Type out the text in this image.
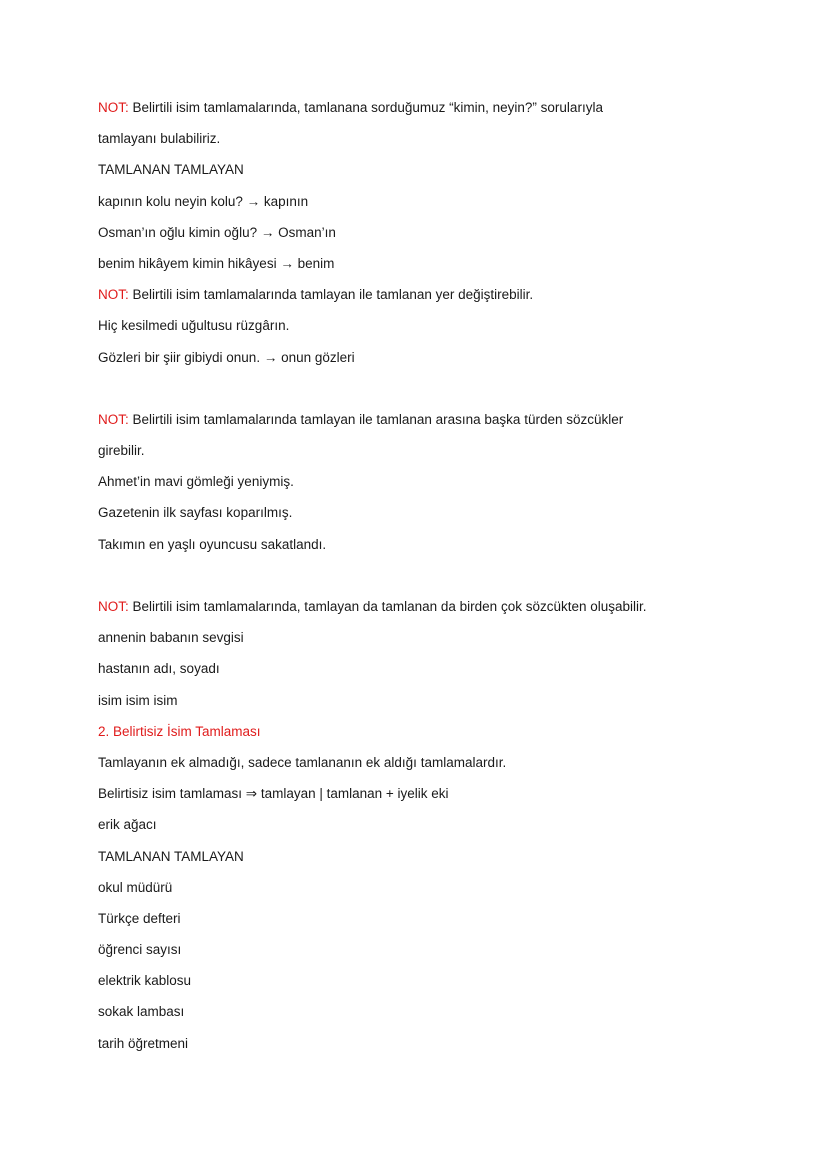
NOT: Belirtili isim tamlamalarında, tamlanana sorduğumuz “kimin, neyin?” sorularıyla
tamlayanı bulabiliriz.
TAMLANAN TAMLAYAN
kapının kolu neyin kolu? → kapının
Osman’ın oğlu kimin oğlu? → Osman’ın
benim hikâyem kimin hikâyesi → benim
NOT: Belirtili isim tamlamalarında tamlayan ile tamlanan yer değiştirebilir.
Hiç kesilmedi uğultusu rüzgârın.
Gözleri bir şiir gibiydi onun. → onun gözleri
NOT: Belirtili isim tamlamalarında tamlayan ile tamlanan arasına başka türden sözcükler
girebilir.
Ahmet’in mavi gömleği yeniymiş.
Gazetenin ilk sayfası koparılmış.
Takımın en yaşlı oyuncusu sakatlandı.
NOT: Belirtili isim tamlamalarında, tamlayan da tamlanan da birden çok sözcükten oluşabilir.
annenin babanın sevgisi
hastanın adı, soyadı
isim isim isim
2. Belirtisiz İsim Tamlaması
Tamlayanın ek almadığı, sadece tamlananın ek aldığı tamlamalardır.
Belirtisiz isim tamlaması ⇒ tamlayan | tamlanan + iyelik eki
erik ağacı
TAMLANAN TAMLAYAN
okul müdürü
Türkçe defteri
öğrenci sayısı
elektrik kablosu
sokak lambası
tarih öğretmeni
